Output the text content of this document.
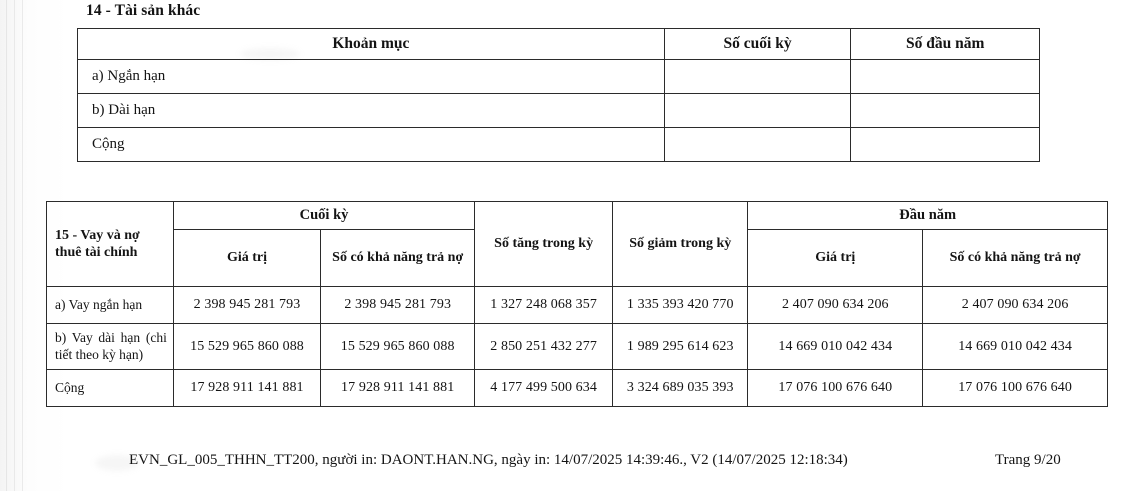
14 - Tài sản khác
Khoản mục	Số cuối kỳ	Số đầu năm
a) Ngắn hạn		
b) Dài hạn		
Cộng		
15 - Vay và nợ thuê tài chính	Cuối kỳ		Số tăng trong kỳ	Số giảm trong kỳ	Đầu năm	
	Giá trị	Số có khả năng trả nợ			Giá trị	Số có khả năng trả nợ
a) Vay ngắn hạn	2 398 945 281 793	2 398 945 281 793	1 327 248 068 357	1 335 393 420 770	2 407 090 634 206	2 407 090 634 206
b) Vay dài hạn (chi tiết theo kỳ hạn)	15 529 965 860 088	15 529 965 860 088	2 850 251 432 277	1 989 295 614 623	14 669 010 042 434	14 669 010 042 434
Cộng	17 928 911 141 881	17 928 911 141 881	4 177 499 500 634	3 324 689 035 393	17 076 100 676 640	17 076 100 676 640
EVN_GL_005_THHN_TT200, người in: DAONT.HAN.NG, ngày in: 14/07/2025 14:39:46., V2 (14/07/2025 12:18:34)	Trang 9/20
